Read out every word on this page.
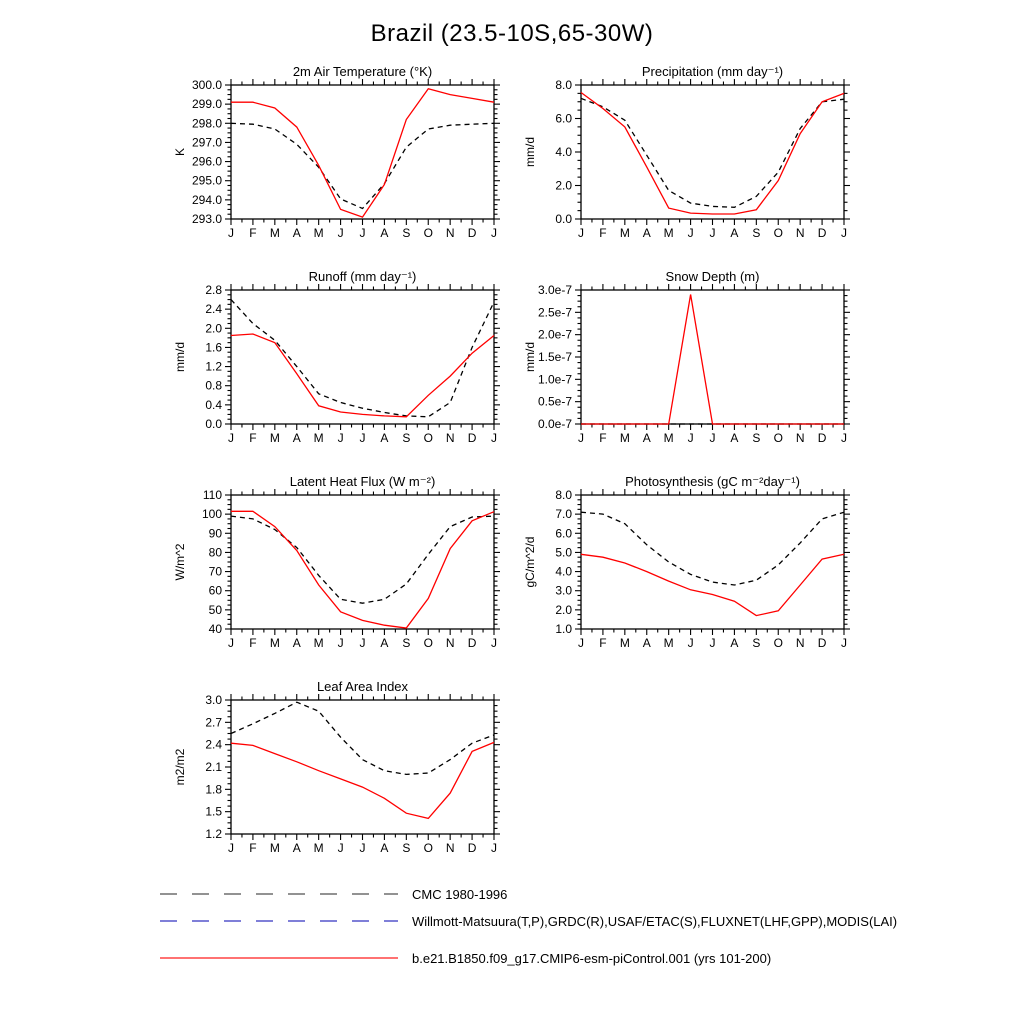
Brazil (23.5-10S,65-30W)
2m Air Temperature (°K)
J F M A M J J A S O N D J
293.0
294.0
295.0
296.0
297.0
298.0
299.0
300.0
K
Precipitation (mm day⁻¹)
J F M A M J J A S O N D J
0.0
2.0
4.0
6.0
8.0
mm/d
Runoff (mm day⁻¹)
J F M A M J J A S O N D J
0.0
0.4
0.8
1.2
1.6
2.0
2.4
2.8
mm/d
Snow Depth (m)
J F M A M J J A S O N D J
0.0e-7
0.5e-7
1.0e-7
1.5e-7
2.0e-7
2.5e-7
3.0e-7
mm/d
Latent Heat Flux (W m⁻²)
J F M A M J J A S O N D J
40
50
60
70
80
90
100
110
W/m^2
Photosynthesis (gC m⁻²day⁻¹)
J F M A M J J A S O N D J
1.0
2.0
3.0
4.0
5.0
6.0
7.0
8.0
gC/m^2/d
Leaf Area Index
J F M A M J J A S O N D J
1.2
1.5
1.8
2.1
2.4
2.7
3.0
m2/m2
CMC 1980-1996
Willmott-Matsuura(T,P),GRDC(R),USAF/ETAC(S),FLUXNET(LHF,GPP),MODIS(LAI)
b.e21.B1850.f09_g17.CMIP6-esm-piControl.001 (yrs 101-200)
